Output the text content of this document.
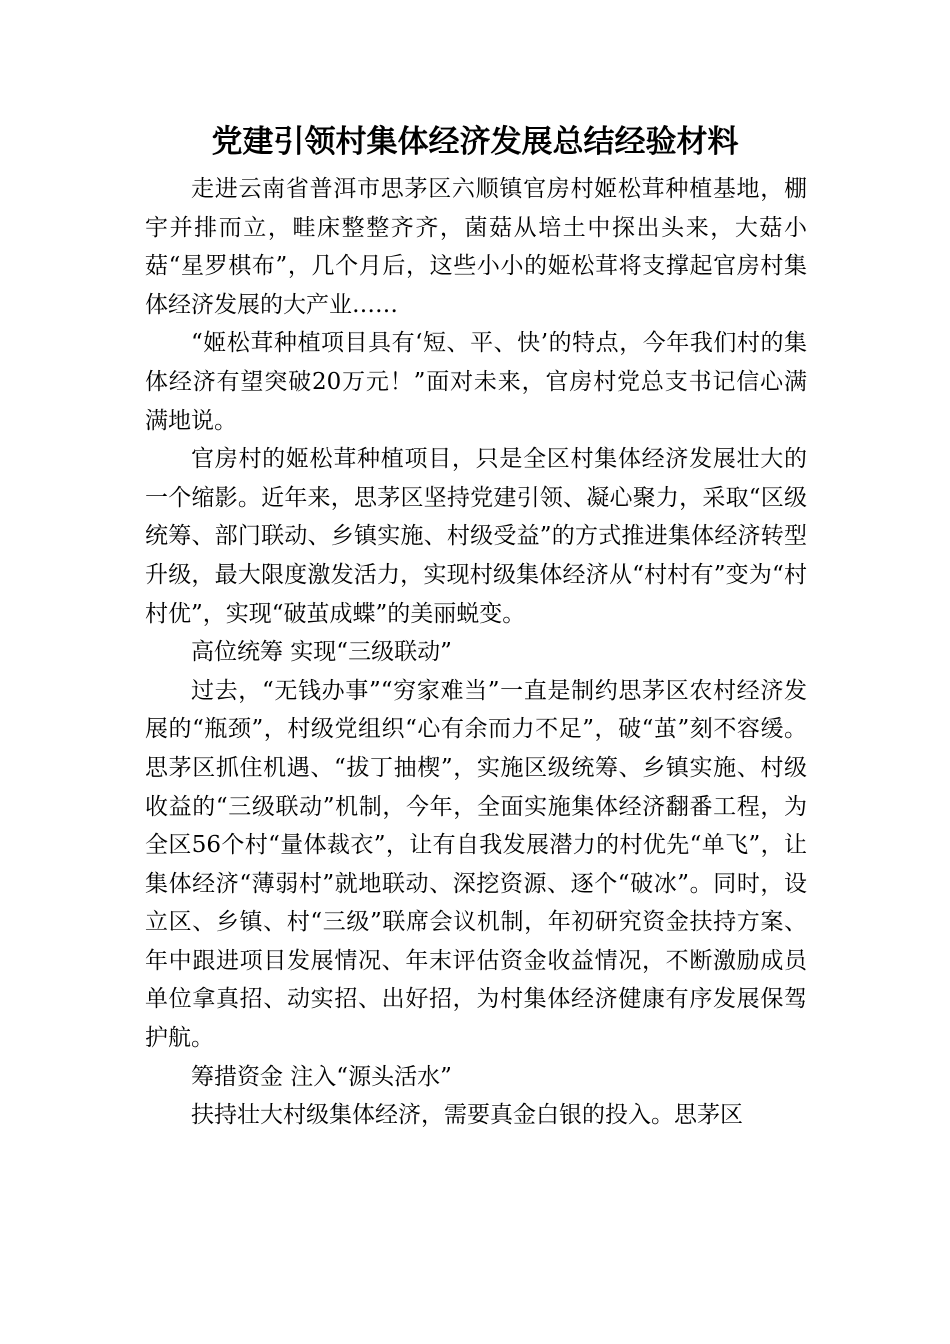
党建引领村集体经济发展总结经验材料

走进云南省普洱市思茅区六顺镇官房村姬松茸种植基地，棚宇并排而立，畦床整整齐齐，菌菇从培土中探出头来，大菇小菇“星罗棋布”，几个月后，这些小小的姬松茸将支撑起官房村集体经济发展的大产业……

“姬松茸种植项目具有‘短、平、快’的特点，今年我们村的集体经济有望突破20万元！”面对未来，官房村党总支书记信心满满地说。

官房村的姬松茸种植项目，只是全区村集体经济发展壮大的一个缩影。近年来，思茅区坚持党建引领、凝心聚力，采取“区级统筹、部门联动、乡镇实施、村级受益”的方式推进集体经济转型升级，最大限度激发活力，实现村级集体经济从“村村有”变为“村村优”，实现“破茧成蝶”的美丽蜕变。

高位统筹 实现“三级联动”

过去，“无钱办事”“穷家难当”一直是制约思茅区农村经济发展的“瓶颈”，村级党组织“心有余而力不足”，破“茧”刻不容缓。思茅区抓住机遇、“拔丁抽楔”，实施区级统筹、乡镇实施、村级收益的“三级联动”机制，今年，全面实施集体经济翻番工程，为全区56个村“量体裁衣”，让有自我发展潜力的村优先“单飞”，让集体经济“薄弱村”就地联动、深挖资源、逐个“破冰”。同时，设立区、乡镇、村“三级”联席会议机制，年初研究资金扶持方案、年中跟进项目发展情况、年末评估资金收益情况，不断激励成员单位拿真招、动实招、出好招，为村集体经济健康有序发展保驾护航。

筹措资金 注入“源头活水”

扶持壮大村级集体经济，需要真金白银的投入。思茅区
